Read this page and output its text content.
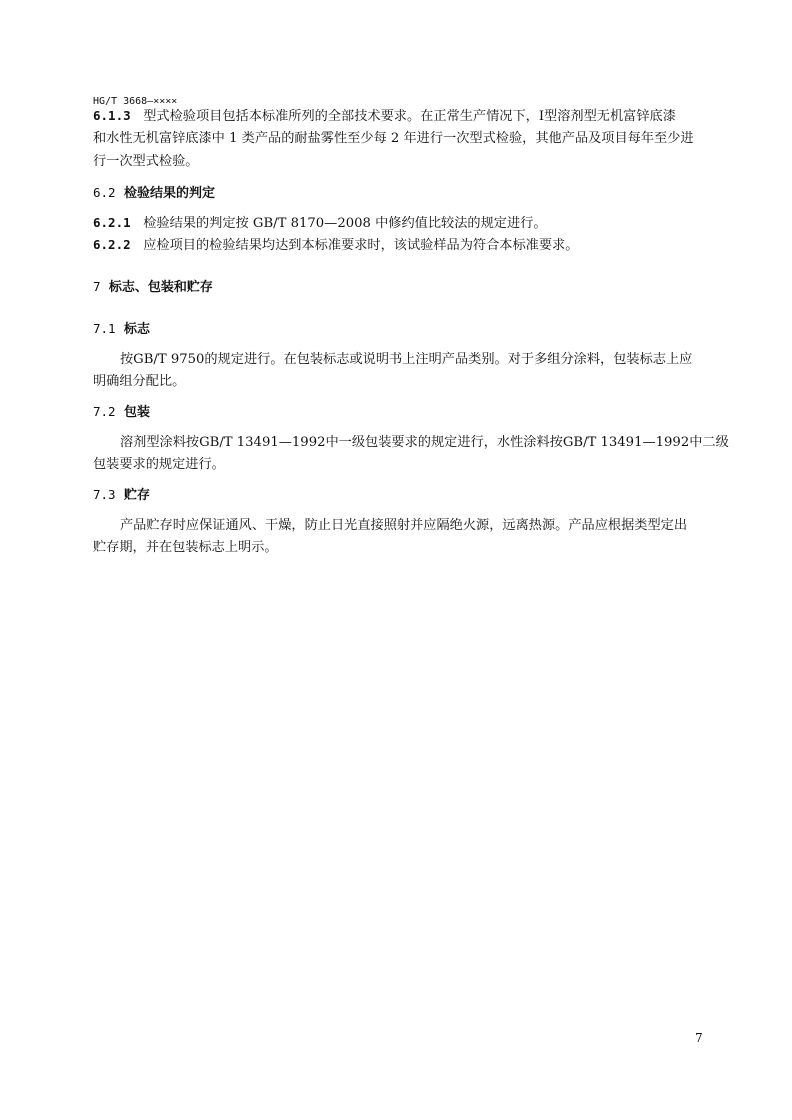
HG/T 3668—××××
6.1.3 型式检验项目包括本标准所列的全部技术要求。在正常生产情况下，Ⅰ型溶剂型无机富锌底漆
和水性无机富锌底漆中 1 类产品的耐盐雾性至少每 2 年进行一次型式检验，其他产品及项目每年至少进
行一次型式检验。
6.2 检验结果的判定
6.2.1 检验结果的判定按 GB/T 8170—2008 中修约值比较法的规定进行。
6.2.2 应检项目的检验结果均达到本标准要求时，该试验样品为符合本标准要求。
7 标志、包装和贮存
7.1 标志
按GB/T 9750的规定进行。在包装标志或说明书上注明产品类别。对于多组分涂料，包装标志上应
明确组分配比。
7.2 包装
溶剂型涂料按GB/T 13491—1992中一级包装要求的规定进行，水性涂料按GB/T 13491—1992中二级
包装要求的规定进行。
7.3 贮存
产品贮存时应保证通风、干燥，防止日光直接照射并应隔绝火源，远离热源。产品应根据类型定出
贮存期，并在包装标志上明示。
7
